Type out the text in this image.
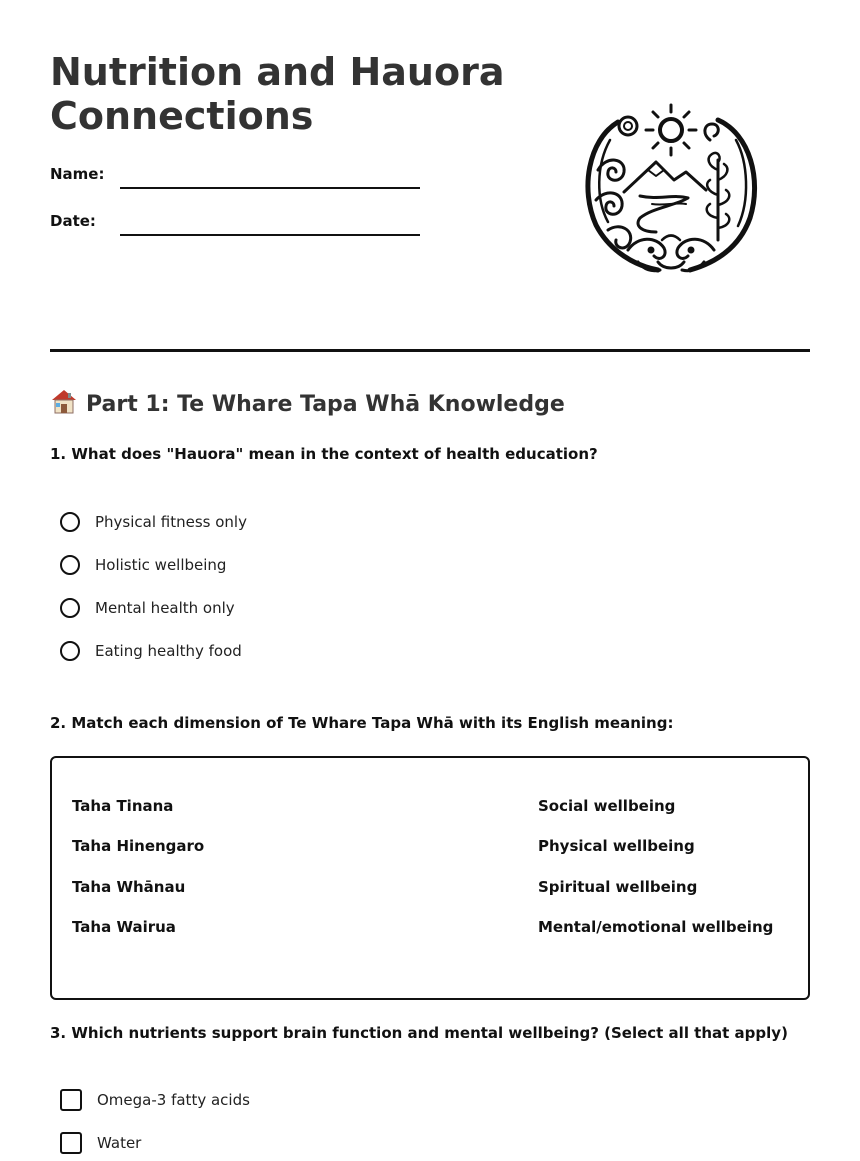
Nutrition and Hauora
Connections
Name:
Date:
Part 1: Te Whare Tapa Whā Knowledge

1. What does "Hauora" mean in the context of health education?

Physical fitness only
Holistic wellbeing
Mental health only
Eating healthy food

2. Match each dimension of Te Whare Tapa Whā with its English meaning:

Taha Tinana
Taha Hinengaro
Taha Whānau
Taha Wairua
Social wellbeing
Physical wellbeing
Spiritual wellbeing
Mental/emotional wellbeing

3. Which nutrients support brain function and mental wellbeing? (Select all that apply)

Omega-3 fatty acids
Water
